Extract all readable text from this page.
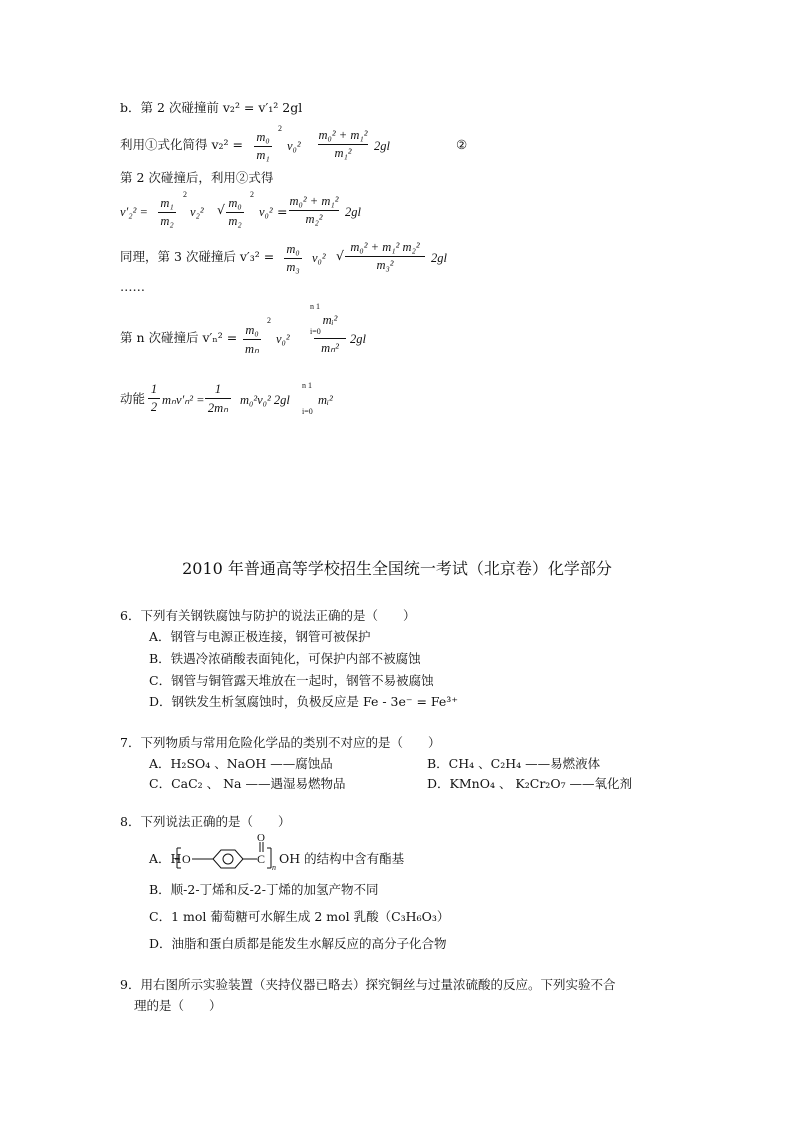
b．第 2 次碰撞前 v₂² = v′₁² 2gl
利用①式化简得 v₂² = m₀
m₁
2
v₀²
m₀² + m₁²
m₁²	2gl	②
第 2 次碰撞后，利用②式得
v′₂² =
m₁
m₂
2
v₂² √ m₀
m₂
2
v₀² =
m₀² + m₁²
m₂²	2gl
同理，第 3 次碰撞后 v′₃² = m₀
m₃
v₀² √
m₀² + m₁² m₂²
m₃²	2gl
……
第 n 次碰撞后 v′ₙ² = m₀
mₙ
2
v₀²
n 1
i=0
mᵢ²
mₙ²
2gl
动能
1
2 mₙv′ₙ² =
1
2mₙ
m₀²v₀² 2gl
n 1
i=0
mᵢ²
2010 年普通高等学校招生全国统一考试（北京卷）化学部分
6．下列有关钢铁腐蚀与防护的说法正确的是（　　）
A．钢管与电源正极连接，钢管可被保护
B．铁遇冷浓硝酸表面钝化，可保护内部不被腐蚀
C．钢管与铜管露天堆放在一起时，钢管不易被腐蚀
D．钢铁发生析氢腐蚀时，负极反应是 Fe - 3e⁻ = Fe³⁺
7．下列物质与常用危险化学品的类别不对应的是（　　）
A．H₂SO₄ 、NaOH ——腐蚀品	B．CH₄ 、C₂H₄ ——易燃液体
C．CaC₂ 、 Na ——遇湿易燃物品	D．KMnO₄ 、 K₂Cr₂O₇ ——氧化剂
8．下列说法正确的是（　　）
A．H O	C
O
n
OH 的结构中含有酯基
B．顺-2-丁烯和反-2-丁烯的加氢产物不同
C．1 mol 葡萄糖可水解生成 2 mol 乳酸（C₃H₆O₃）
D．油脂和蛋白质都是能发生水解反应的高分子化合物
9．用右图所示实验装置（夹持仪器已略去）探究铜丝与过量浓硫酸的反应。下列实验不合
理的是（　　）
